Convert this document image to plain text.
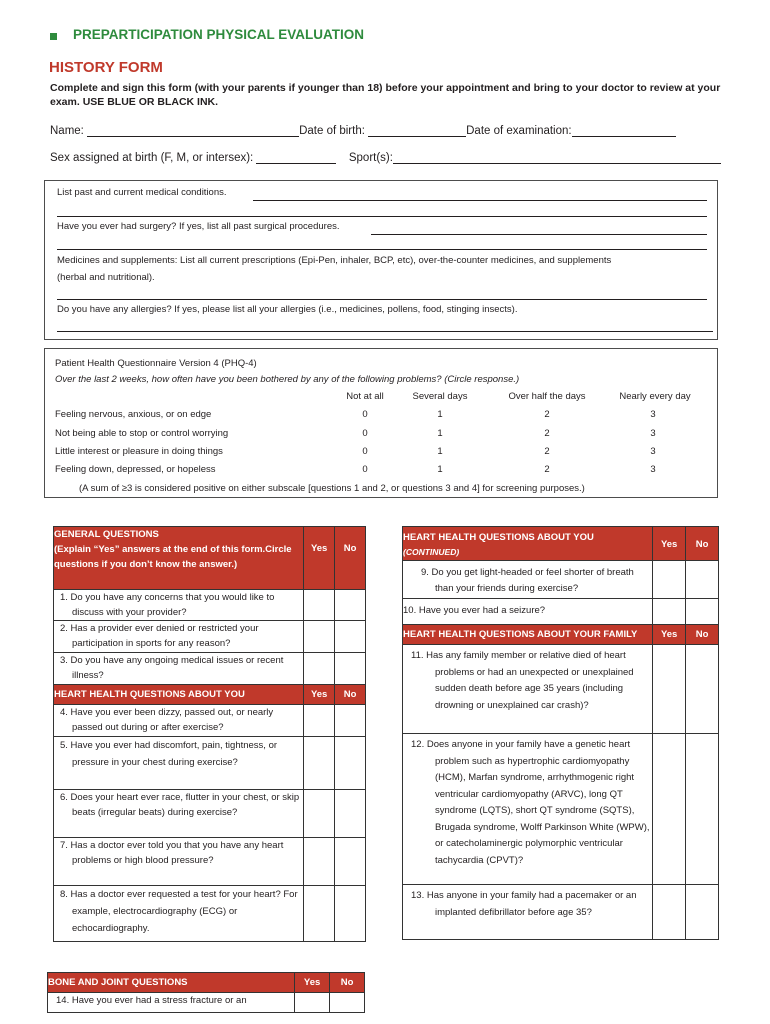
PREPARTICIPATION PHYSICAL EVALUATION
HISTORY FORM
Complete and sign this form (with your parents if younger than 18) before your appointment and bring to your doctor to review at your exam. USE BLUE OR BLACK INK.
Name:	Date of birth:	Date of examination:
Sex assigned at birth (F, M, or intersex):	Sport(s):
List past and current medical conditions.
Have you ever had surgery? If yes, list all past surgical procedures.
Medicines and supplements: List all current prescriptions (Epi-Pen, inhaler, BCP, etc), over-the-counter medicines, and supplements
(herbal and nutritional).
Do you have any allergies? If yes, please list all your allergies (i.e., medicines, pollens, food, stinging insects).
Patient Health Questionnaire Version 4 (PHQ-4)
Over the last 2 weeks, how often have you been bothered by any of the following problems? (Circle response.)
Not at all	Several days	Over half the days	Nearly every day
Feeling nervous, anxious, or on edge	0	1	2	3
Not being able to stop or control worrying	0	1	2	3
Little interest or pleasure in doing things	0	1	2	3
Feeling down, depressed, or hopeless	0	1	2	3
(A sum of ≥3 is considered positive on either subscale [questions 1 and 2, or questions 3 and 4] for screening purposes.)
GENERAL QUESTIONS
(Explain “Yes” answers at the end of this form.Circle questions if you don’t know the answer.)	Yes	No

1. Do you have any concerns that you would like to discuss with your provider?		

2. Has a provider ever denied or restricted your participation in sports for any reason?		

3. Do you have any ongoing medical issues or recent illness?		

HEART HEALTH QUESTIONS ABOUT YOU	Yes	No

4. Have you ever been dizzy, passed out, or nearly passed out during or after exercise?		

5. Have you ever had discomfort, pain, tightness, or pressure in your chest during exercise?		

6. Does your heart ever race, flutter in your chest, or skip beats (irregular beats) during exercise?		

7. Has a doctor ever told you that you have any heart problems or high blood pressure?		

8. Has a doctor ever requested a test for your heart? For example, electrocardiography (ECG) or echocardiography.		

BONE AND JOINT QUESTIONS	Yes	No

14. Have you ever had a stress fracture or an		

HEART HEALTH QUESTIONS ABOUT YOU
(CONTINUED)	Yes	No

9. Do you get light-headed or feel shorter of breath than your friends during exercise?		

10. Have you ever had a seizure?		

HEART HEALTH QUESTIONS ABOUT YOUR FAMILY	Yes	No

11. Has any family member or relative died of heart problems or had an unexpected or unexplained sudden death before age 35 years (including drowning or unexplained car crash)?		

12. Does anyone in your family have a genetic heart problem such as hypertrophic cardiomyopathy (HCM), Marfan syndrome, arrhythmogenic right ventricular cardiomyopathy (ARVC), long QT syndrome (LQTS), short QT syndrome (SQTS), Brugada syndrome, Wolff Parkinson White (WPW), or catecholaminergic polymorphic ventricular tachycardia (CPVT)?		

13. Has anyone in your family had a pacemaker or an implanted defibrillator before age 35?		
